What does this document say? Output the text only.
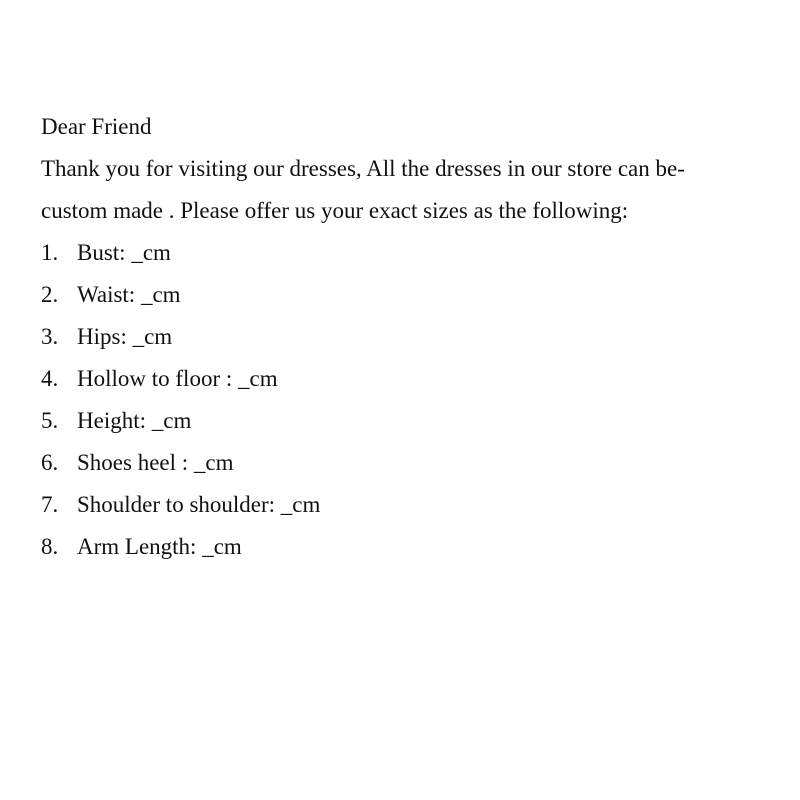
Dear Friend
Thank you for visiting our dresses, All the dresses in our store can be-
custom made . Please offer us your exact sizes as the following:
1. Bust: _cm
2. Waist: _cm
3. Hips: _cm
4. Hollow to floor : _cm
5. Height: _cm
6. Shoes heel : _cm
7. Shoulder to shoulder: _cm
8. Arm Length: _cm
